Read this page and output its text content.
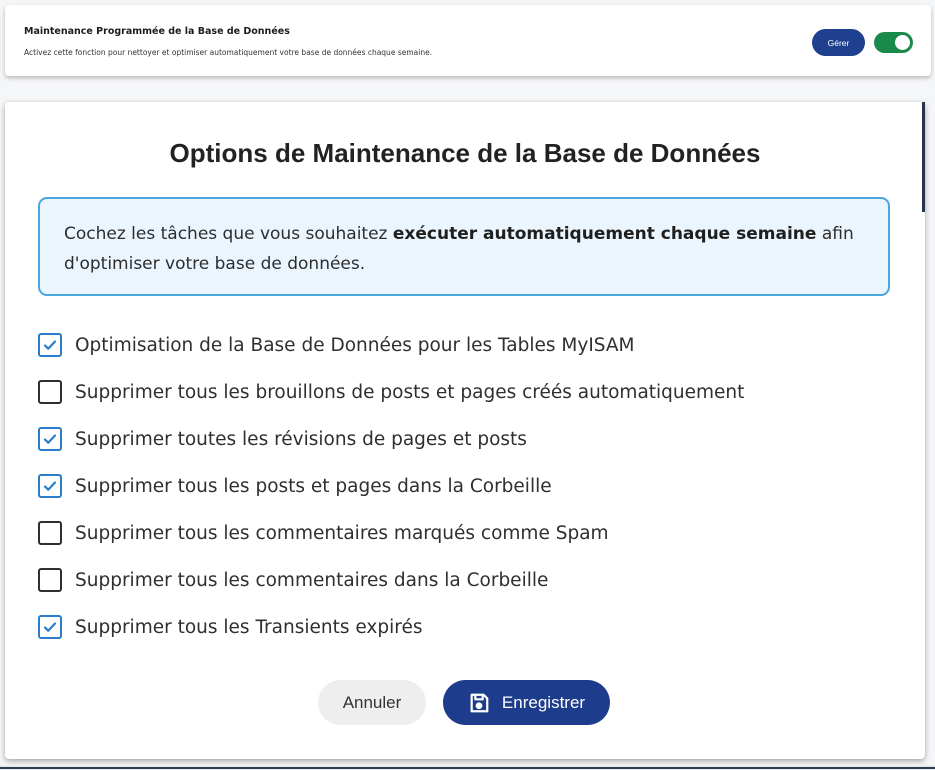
Maintenance Programmée de la Base de Données
Activez cette fonction pour nettoyer et optimiser automatiquement votre base de données chaque semaine.
Gérer
Options de Maintenance de la Base de Données
Cochez les tâches que vous souhaitez exécuter automatiquement chaque semaine afin d'optimiser votre base de données.
Optimisation de la Base de Données pour les Tables MyISAM
Supprimer tous les brouillons de posts et pages créés automatiquement
Supprimer toutes les révisions de pages et posts
Supprimer tous les posts et pages dans la Corbeille
Supprimer tous les commentaires marqués comme Spam
Supprimer tous les commentaires dans la Corbeille
Supprimer tous les Transients expirés
Annuler	Enregistrer
